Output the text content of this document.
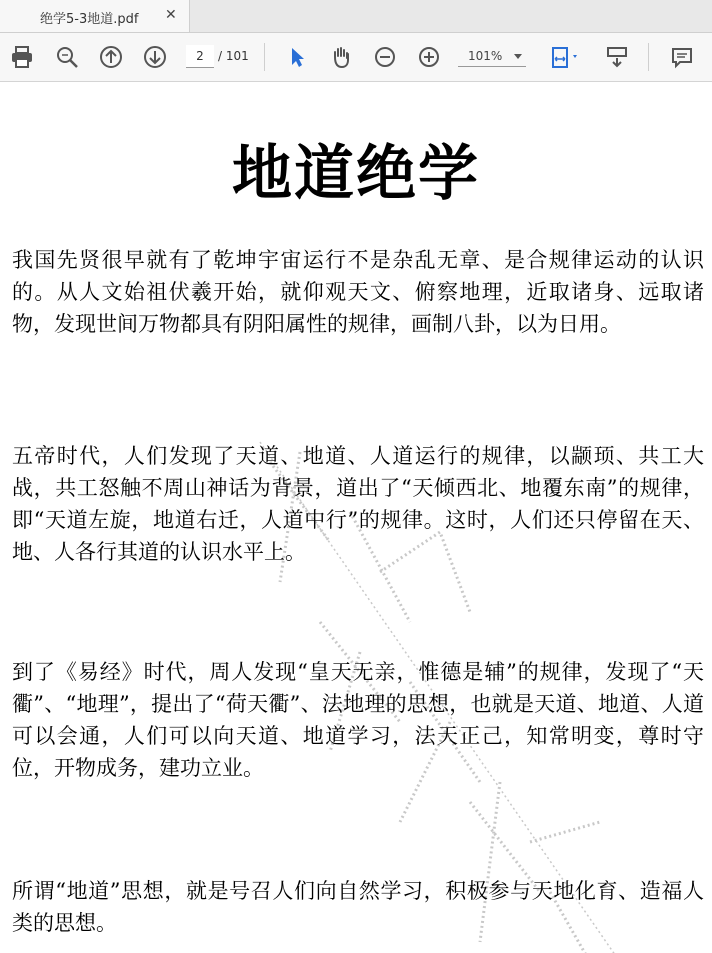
绝学5-3地道.pdf ✕
2	/ 101	101%
地道绝学

我国先贤很早就有了乾坤宇宙运行不是杂乱无章、是合规律运动的认识的。从人文始祖伏羲开始，就仰观天文、俯察地理，近取诸身、远取诸物，发现世间万物都具有阴阳属性的规律，画制八卦，以为日用。

五帝时代，人们发现了天道、地道、人道运行的规律，以颛顼、共工大战，共工怒触不周山神话为背景，道出了“天倾西北、地覆东南”的规律，即“天道左旋，地道右迁，人道中行”的规律。这时，人们还只停留在天、地、人各行其道的认识水平上。

到了《易经》时代，周人发现“皇天无亲，惟德是辅”的规律，发现了“天衢”、“地理”，提出了“荷天衢”、法地理的思想，也就是天道、地道、人道可以会通，人们可以向天道、地道学习，法天正己，知常明变，尊时守位，开物成务，建功立业。

所谓“地道”思想，就是号召人们向自然学习，积极参与天地化育、造福人类的思想。
